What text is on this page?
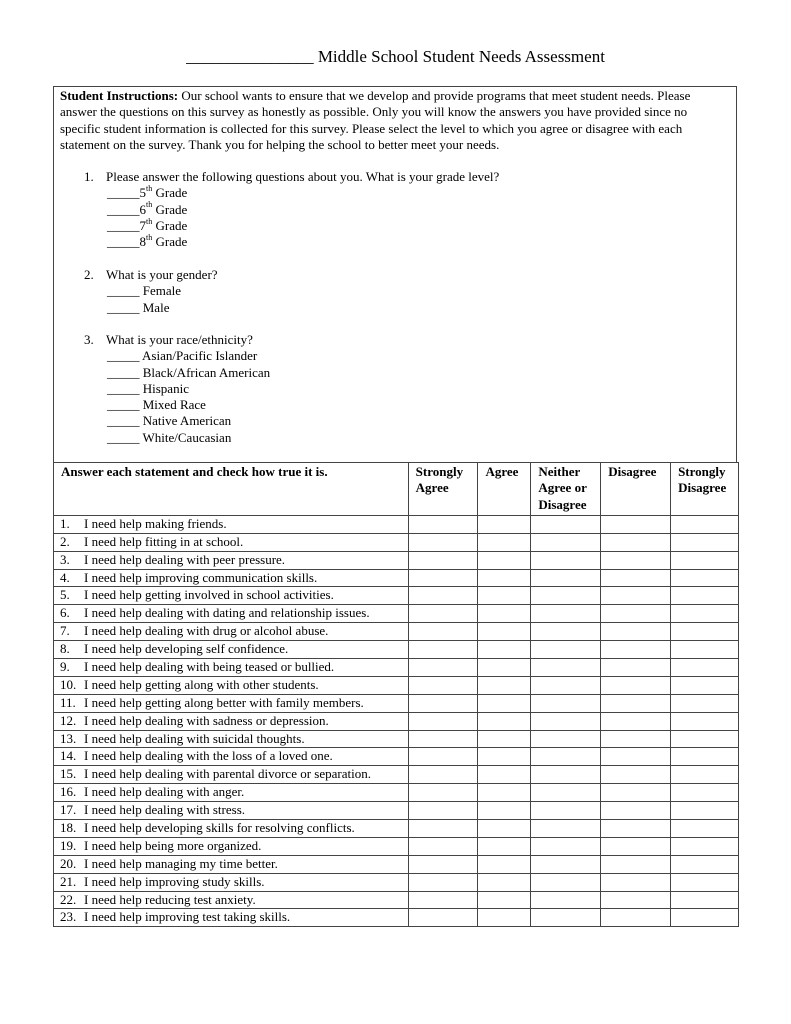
_______________ Middle School Student Needs Assessment
Student Instructions: Our school wants to ensure that we develop and provide programs that meet student needs. Please answer the questions on this survey as honestly as possible. Only you will know the answers you have provided since no specific student information is collected for this survey. Please select the level to which you agree or disagree with each statement on the survey. Thank you for helping the school to better meet your needs.
1. Please answer the following questions about you. What is your grade level?
_____5th Grade
_____6th Grade
_____7th Grade
_____8th Grade
2. What is your gender?
_____ Female
_____ Male
3. What is your race/ethnicity?
_____ Asian/Pacific Islander
_____ Black/African American
_____ Hispanic
_____ Mixed Race
_____ Native American
_____ White/Caucasian
Answer each statement and check how true it is.	Strongly Agree	Agree	Neither Agree or Disagree	Disagree	Strongly Disagree
1. I need help making friends.					
2. I need help fitting in at school.					
3. I need help dealing with peer pressure.					
4. I need help improving communication skills.					
5. I need help getting involved in school activities.					
6. I need help dealing with dating and relationship issues.					
7. I need help dealing with drug or alcohol abuse.					
8. I need help developing self confidence.					
9. I need help dealing with being teased or bullied.					
10. I need help getting along with other students.					
11. I need help getting along better with family members.					
12. I need help dealing with sadness or depression.					
13. I need help dealing with suicidal thoughts.					
14. I need help dealing with the loss of a loved one.					
15. I need help dealing with parental divorce or separation.					
16. I need help dealing with anger.					
17. I need help dealing with stress.					
18. I need help developing skills for resolving conflicts.					
19. I need help being more organized.					
20. I need help managing my time better.					
21. I need help improving study skills.					
22. I need help reducing test anxiety.					
23. I need help improving test taking skills.					
